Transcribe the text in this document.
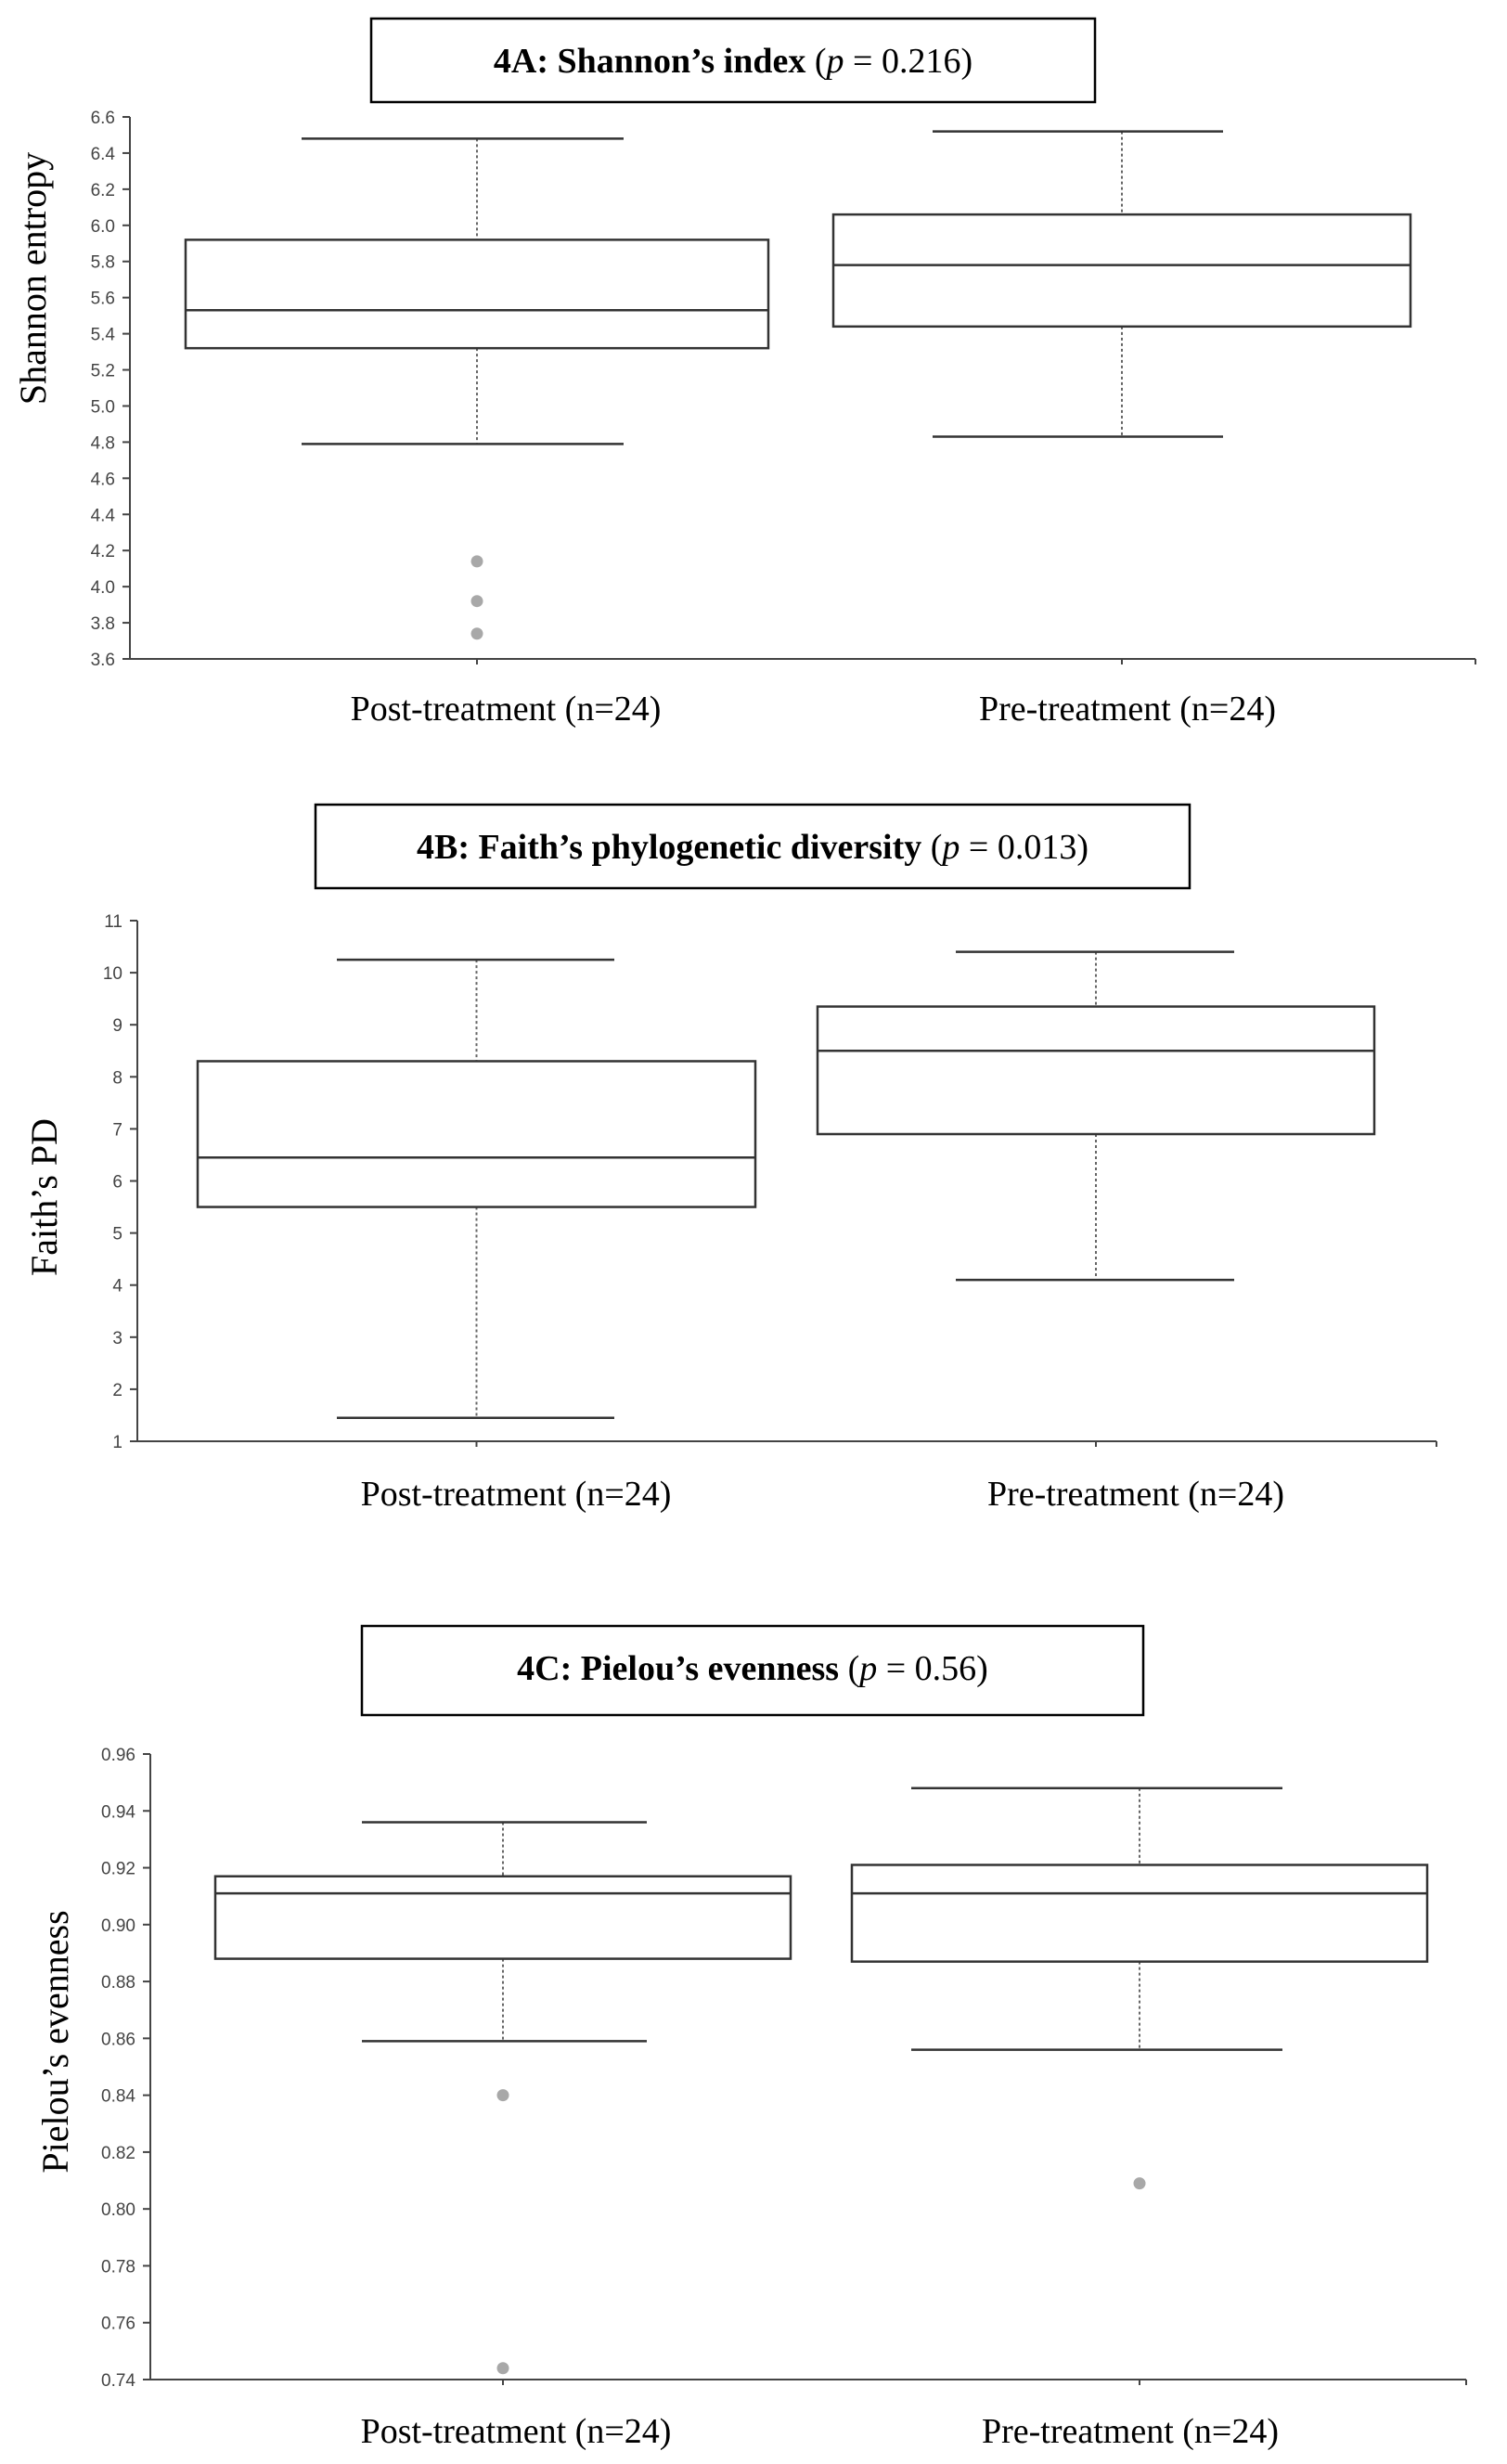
4A: Shannon’s index (p = 0.216)
Shannon entropy
3.6
3.8
4.0
4.2
4.4
4.6
4.8
5.0
5.2
5.4
5.6
5.8
6.0
6.2
6.4
6.6
Post-treatment (n=24)	Pre-treatment (n=24)
4B: Faith’s phylogenetic diversity (p = 0.013)
Faith’s PD
1
2
3
4
5
6
7
8
9
10
11
Post-treatment (n=24)	Pre-treatment (n=24)
4C: Pielou’s evenness (p = 0.56)
Pielou’s evenness
0.74
0.76
0.78
0.80
0.82
0.84
0.86
0.88
0.90
0.92
0.94
0.96
Post-treatment (n=24)	Pre-treatment (n=24)
